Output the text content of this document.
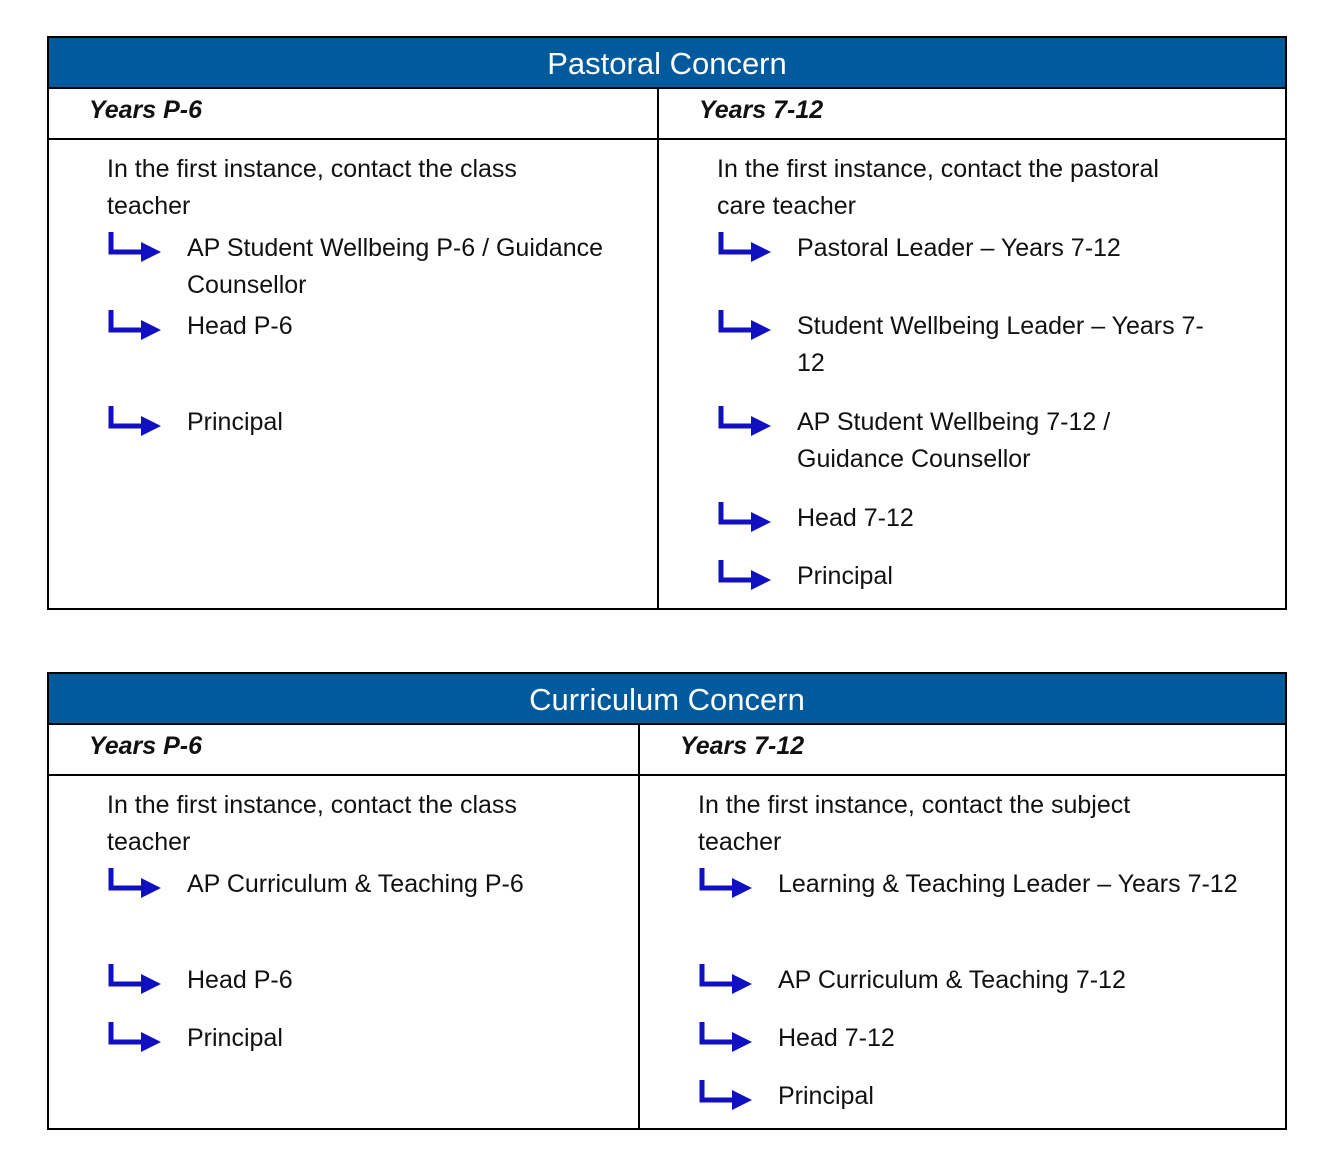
Pastoral Concern
Years P-6	Years 7-12
In the first instance, contact the class teacher
AP Student Wellbeing P-6 / Guidance Counsellor
Head P-6
Principal
In the first instance, contact the pastoral care teacher
Pastoral Leader – Years 7-12
Student Wellbeing Leader – Years 7-12
AP Student Wellbeing 7-12 / Guidance Counsellor
Head 7-12
Principal
Curriculum Concern
Years P-6	Years 7-12
In the first instance, contact the class teacher
AP Curriculum & Teaching P-6
Head P-6
Principal
In the first instance, contact the subject teacher
Learning & Teaching Leader – Years 7-12
AP Curriculum & Teaching 7-12
Head 7-12
Principal
